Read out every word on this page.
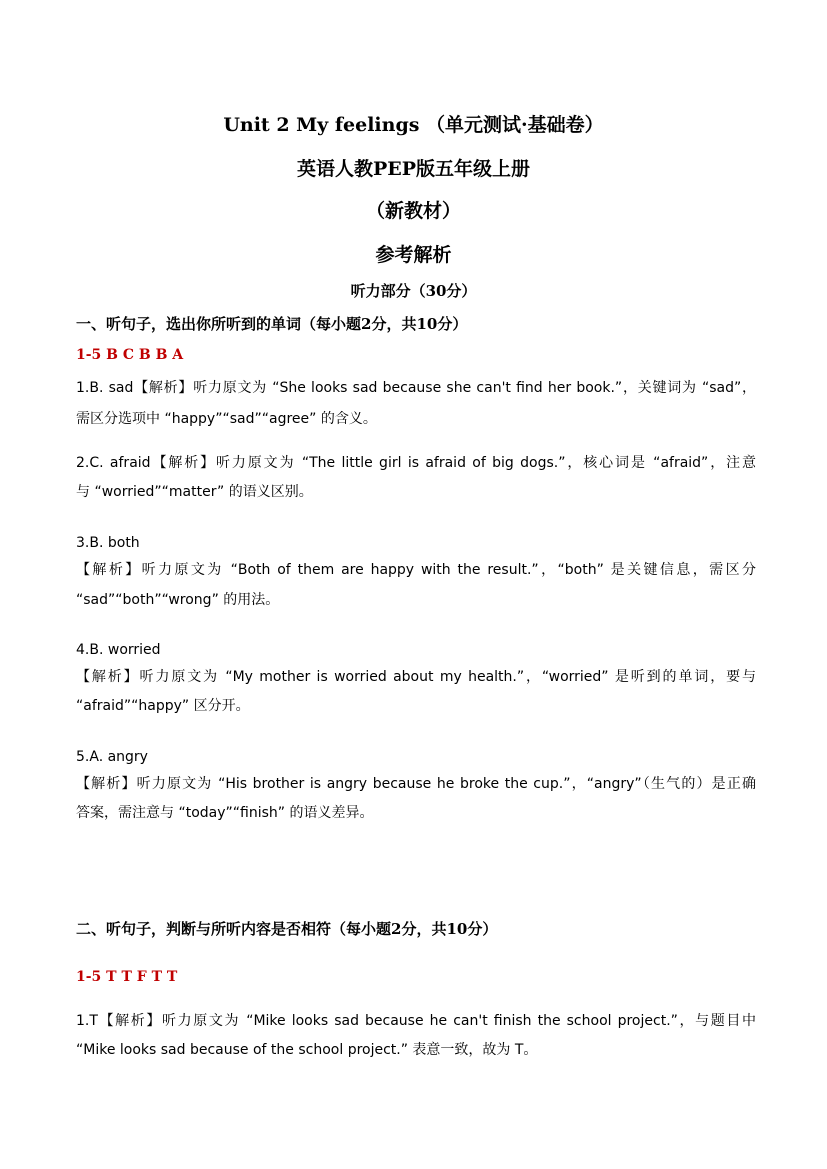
Unit 2 My feelings （单元测试·基础卷）
英语人教PEP版五年级上册
（新教材）
参考解析
听力部分（30分）
一、听句子，选出你所听到的单词（每小题2分，共10分）
1-5 B C B B A
1.B. sad【解析】听力原文为 “She looks sad because she can't find her book.”，关键词为 “sad”，
需区分选项中 “happy”“sad”“agree” 的含义。
2.C. afraid【解析】听力原文为 “The little girl is afraid of big dogs.”，核心词是 “afraid”，注意
与 “worried”“matter” 的语义区别。
3.B. both
【解析】听力原文为 “Both of them are happy with the result.”，“both” 是关键信息，需区分
“sad”“both”“wrong” 的用法。
4.B. worried
【解析】听力原文为 “My mother is worried about my health.”，“worried” 是听到的单词，要与
“afraid”“happy” 区分开。
5.A. angry
【解析】听力原文为 “His brother is angry because he broke the cup.”，“angry”（生气的）是正确
答案，需注意与 “today”“finish” 的语义差异。
二、听句子，判断与所听内容是否相符（每小题2分，共10分）
1-5 T T F T T
1.T【解析】听力原文为 “Mike looks sad because he can't finish the school project.”，与题目中
“Mike looks sad because of the school project.” 表意一致，故为 T。
